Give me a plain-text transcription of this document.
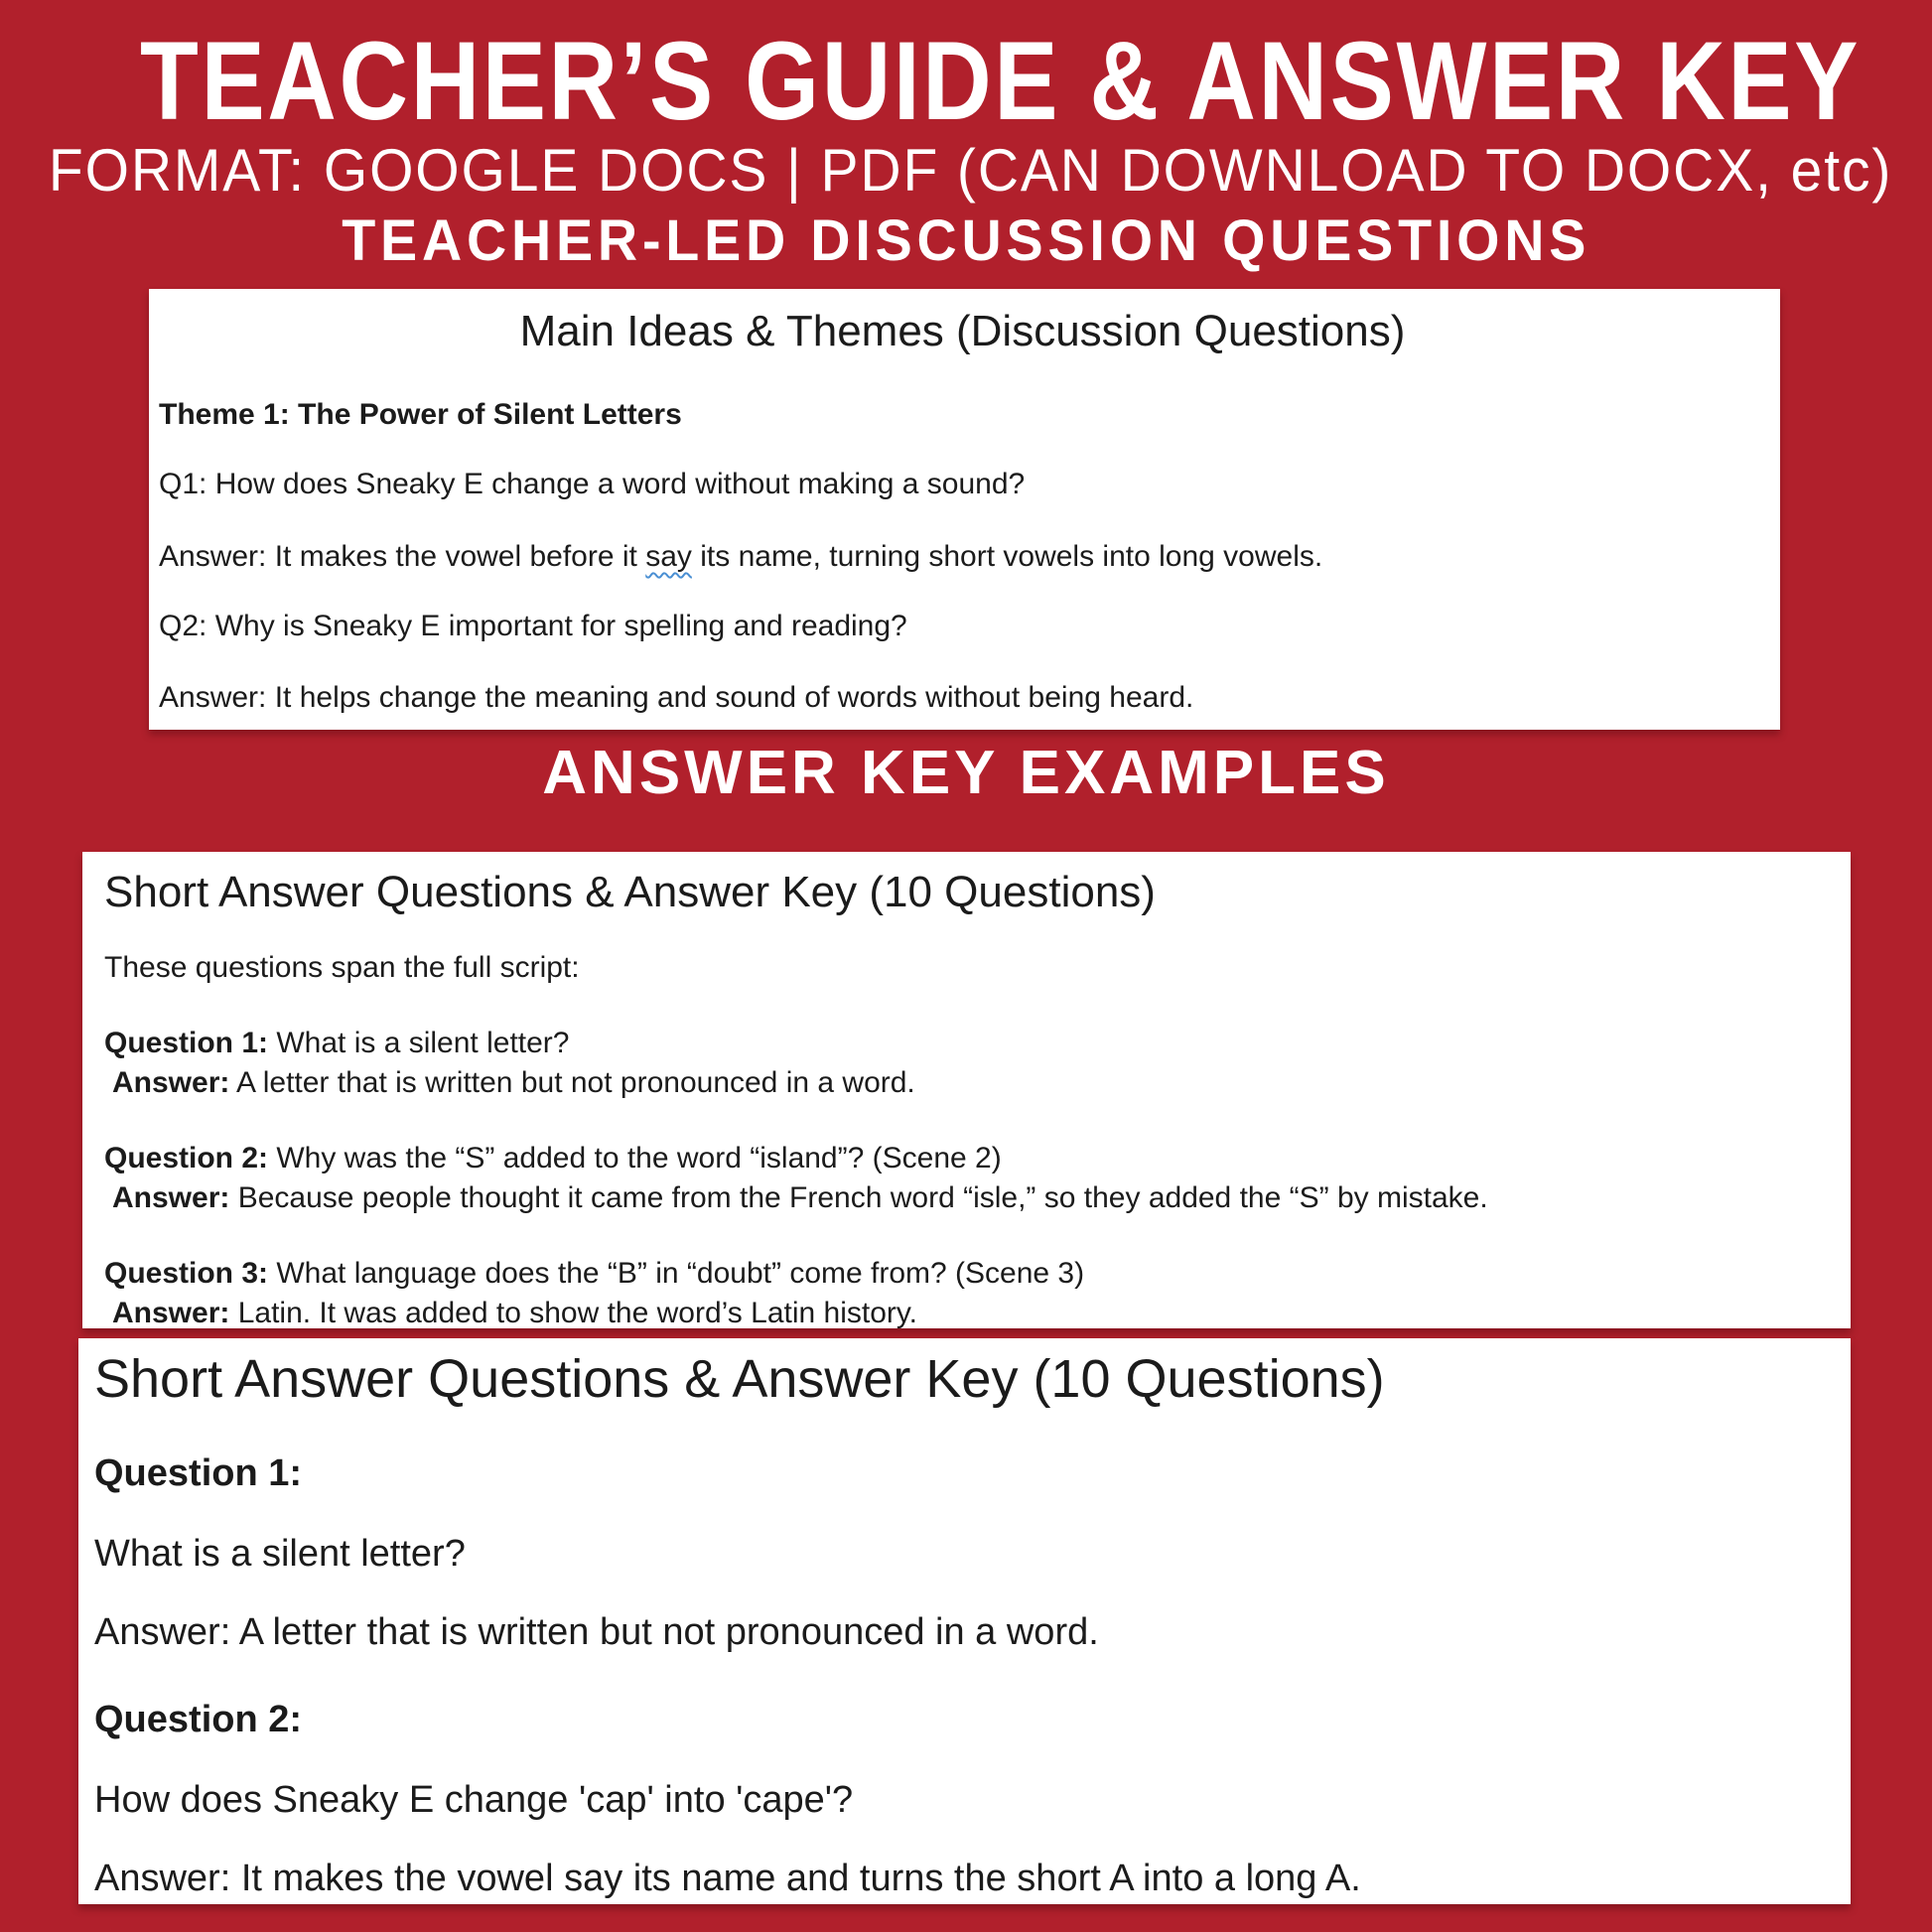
TEACHER’S GUIDE & ANSWER KEY
FORMAT: GOOGLE DOCS | PDF (CAN DOWNLOAD TO DOCX, etc)
TEACHER-LED DISCUSSION QUESTIONS
Main Ideas & Themes (Discussion Questions)

Theme 1: The Power of Silent Letters

Q1: How does Sneaky E change a word without making a sound?

Answer: It makes the vowel before it say its name, turning short vowels into long vowels.

Q2: Why is Sneaky E important for spelling and reading?

Answer: It helps change the meaning and sound of words without being heard.

ANSWER KEY EXAMPLES
Short Answer Questions & Answer Key (10 Questions)

These questions span the full script:

Question 1: What is a silent letter?

Answer: A letter that is written but not pronounced in a word.

Question 2: Why was the “S” added to the word “island”? (Scene 2)

Answer: Because people thought it came from the French word “isle,” so they added the “S” by mistake.

Question 3: What language does the “B” in “doubt” come from? (Scene 3)

Answer: Latin. It was added to show the word’s Latin history.

Short Answer Questions & Answer Key (10 Questions)

Question 1:

What is a silent letter?

Answer: A letter that is written but not pronounced in a word.

Question 2:

How does Sneaky E change 'cap' into 'cape'?

Answer: It makes the vowel say its name and turns the short A into a long A.
